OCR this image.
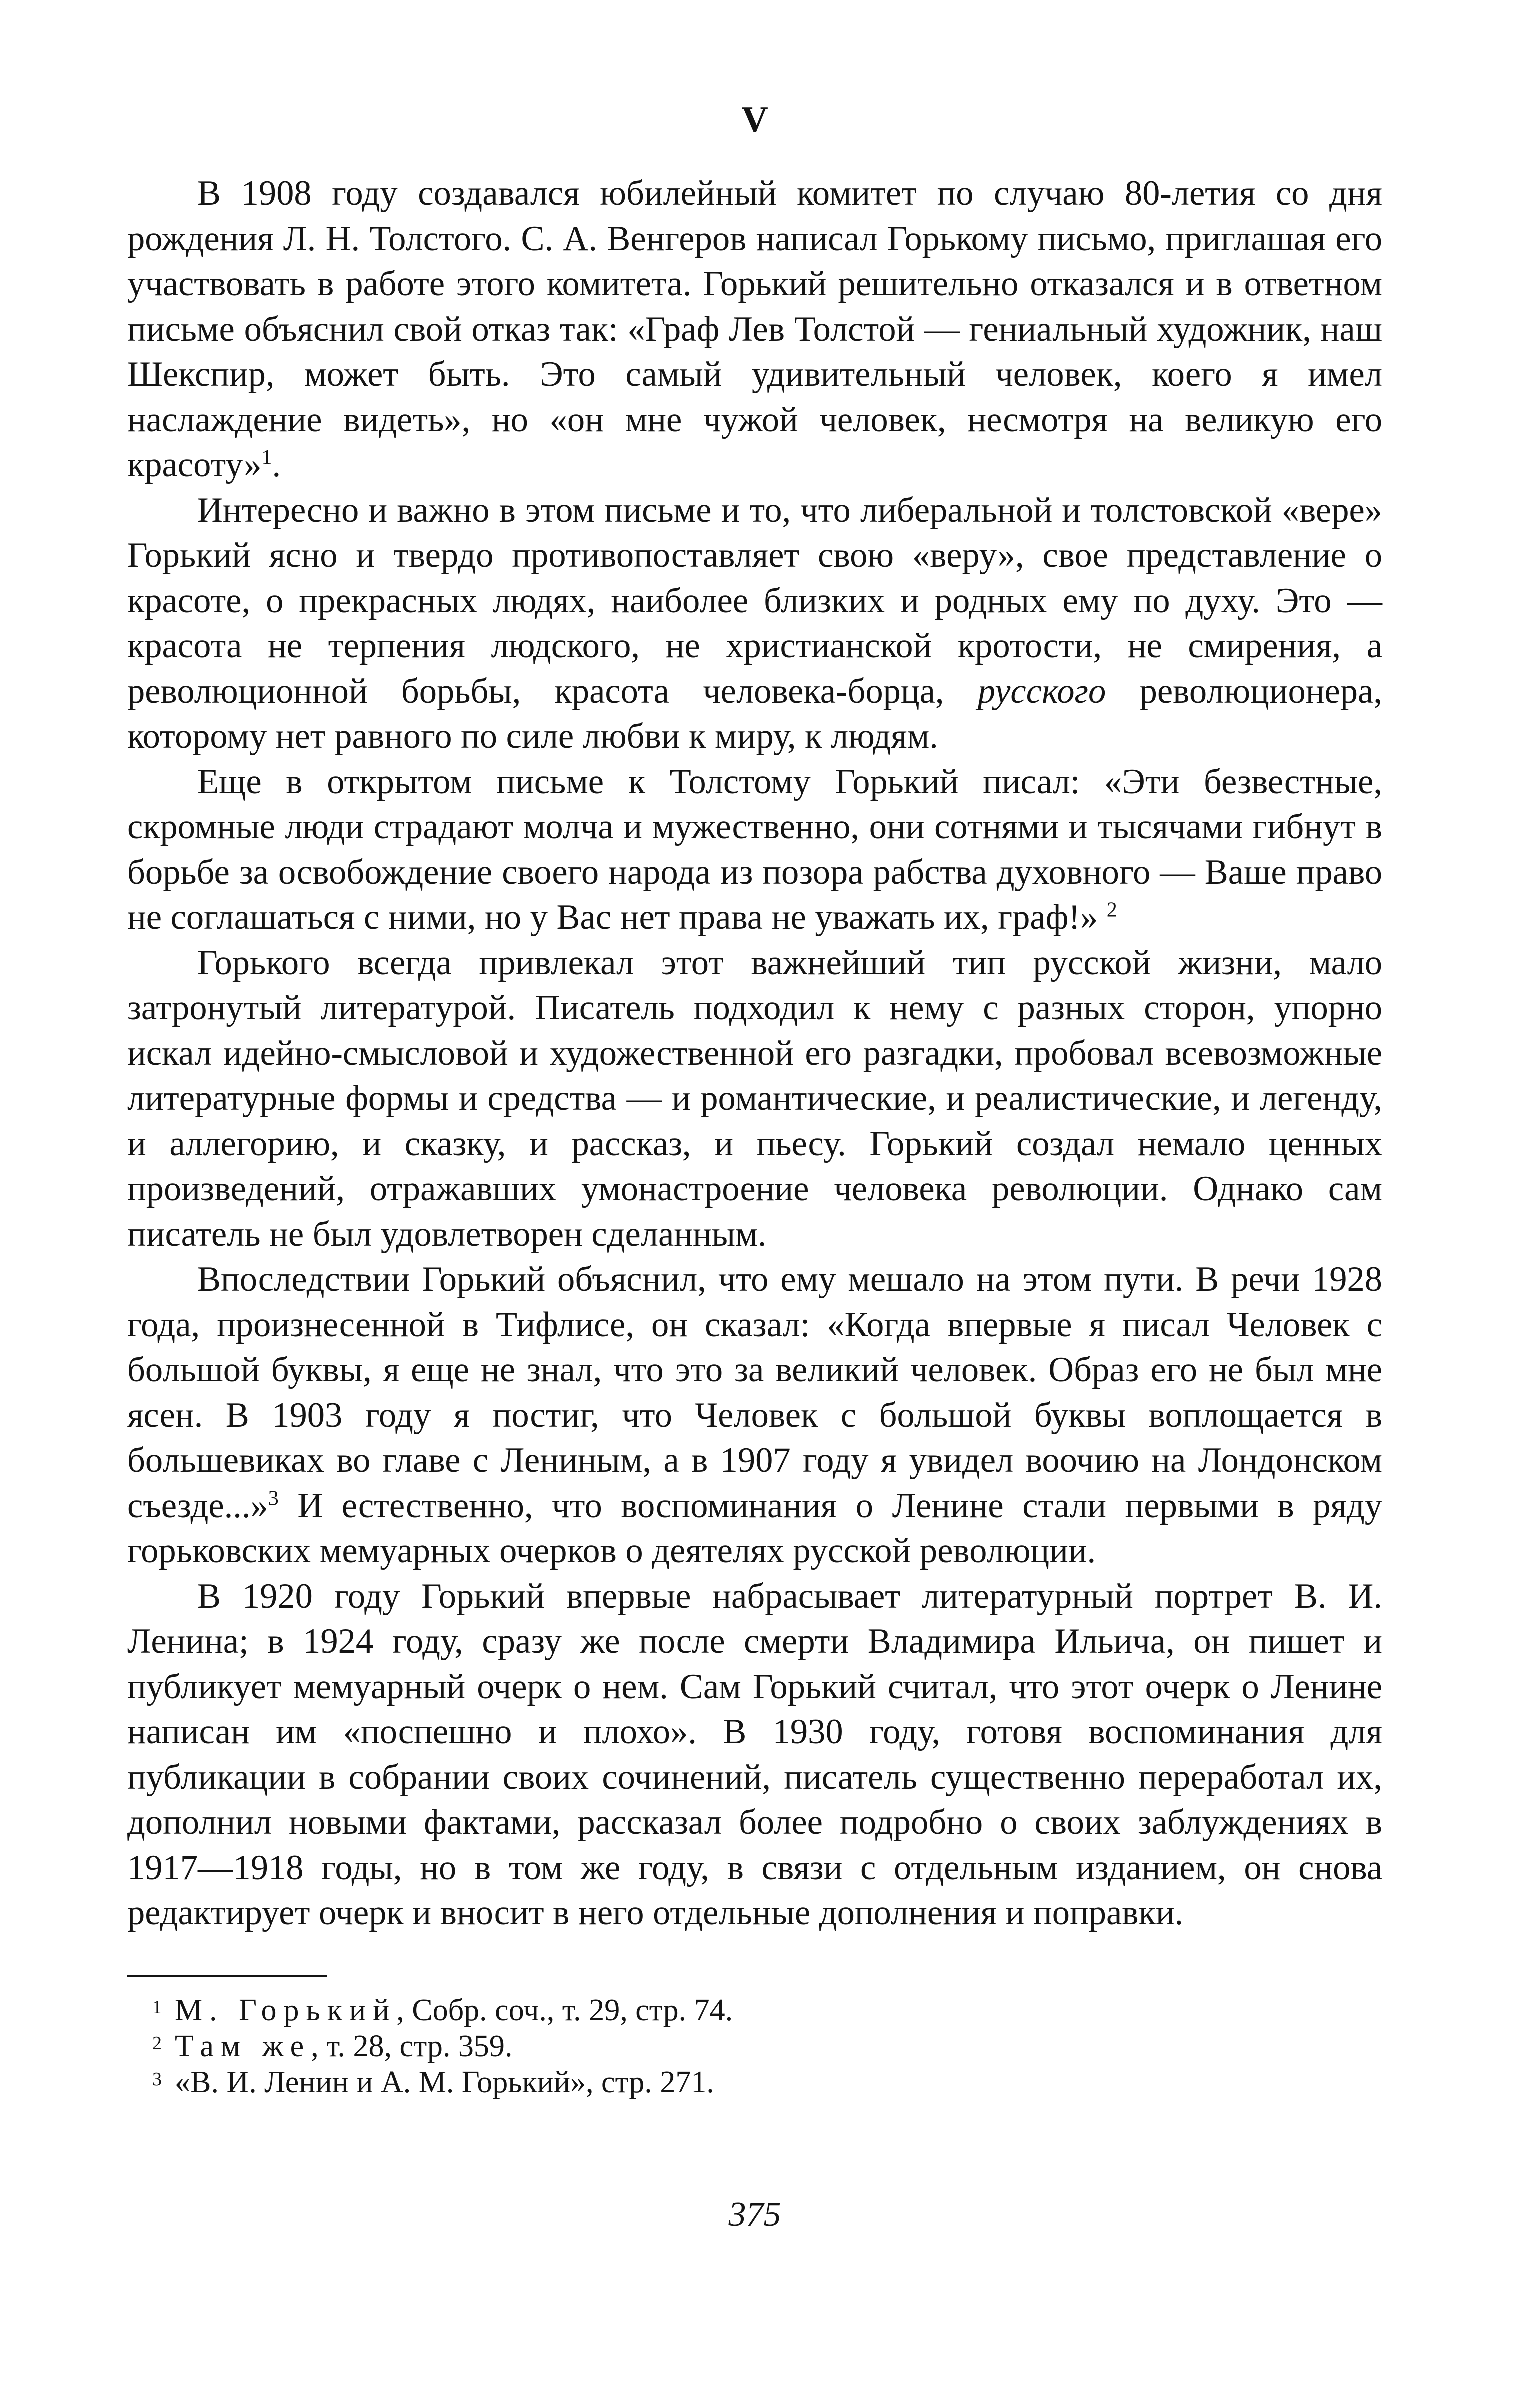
V

В 1908 году создавался юбилейный комитет по случаю 80-летия со дня рождения Л. Н. Толстого. С. А. Венгеров написал Горькому письмо, приглашая его участвовать в работе этого комитета. Горький решительно отказался и в ответном письме объяснил свой отказ так: «Граф Лев Толстой — гениальный художник, наш Шекспир, может быть. Это самый удивительный человек, коего я имел наслаждение видеть», но «он мне чужой человек, несмотря на великую его красоту»$^1$.

Интересно и важно в этом письме и то, что либеральной и толстовской «вере» Горький ясно и твердо противопоставляет свою «веру», свое представление о красоте, о прекрасных людях, наиболее близких и родных ему по духу. Это — красота не терпения людского, не христианской кротости, не смирения, а революционной борьбы, красота человека-борца, русского революционера, которому нет равного по силе любви к миру, к людям.

Еще в открытом письме к Толстому Горький писал: «Эти безвестные, скромные люди страдают молча и мужественно, они сотнями и тысячами гибнут в борьбе за освобождение своего народа из позора рабства духовного — Ваше право не соглашаться с ними, но у Вас нет права не уважать их, граф!» $^2$

Горького всегда привлекал этот важнейший тип русской жизни, мало затронутый литературой. Писатель подходил к нему с разных сторон, упорно искал идейно-смысловой и художественной его разгадки, пробовал всевозможные литературные формы и средства — и романтические, и реалистические, и легенду, и аллегорию, и сказку, и рассказ, и пьесу. Горький создал немало ценных произведений, отражавших умонастроение человека революции. Однако сам писатель не был удовлетворен сделанным.

Впоследствии Горький объяснил, что ему мешало на этом пути. В речи 1928 года, произнесенной в Тифлисе, он сказал: «Когда впервые я писал Человек с большой буквы, я еще не знал, что это за великий человек. Образ его не был мне ясен. В 1903 году я постиг, что Человек с большой буквы воплощается в большевиках во главе с Лениным, а в 1907 году я увидел воочию на Лондонском съезде...»$^3$ И естественно, что воспоминания о Ленине стали первыми в ряду горьковских мемуарных очерков о деятелях русской революции.

В 1920 году Горький впервые набрасывает литературный портрет В. И. Ленина; в 1924 году, сразу же после смерти Владимира Ильича, он пишет и публикует мемуарный очерк о нем. Сам Горький считал, что этот очерк о Ленине написан им «поспешно и плохо». В 1930 году, готовя воспоминания для публикации в собрании своих сочинений, писатель существенно переработал их, дополнил новыми фактами, рассказал более подробно о своих заблуждениях в 1917—1918 годы, но в том же году, в связи с отдельным изданием, он снова редактирует очерк и вносит в него отдельные дополнения и поправки.

1 М. Горький, Собр. соч., т. 29, стр. 74.
2 Там же, т. 28, стр. 359.
3 «В. И. Ленин и А. М. Горький», стр. 271.
375
